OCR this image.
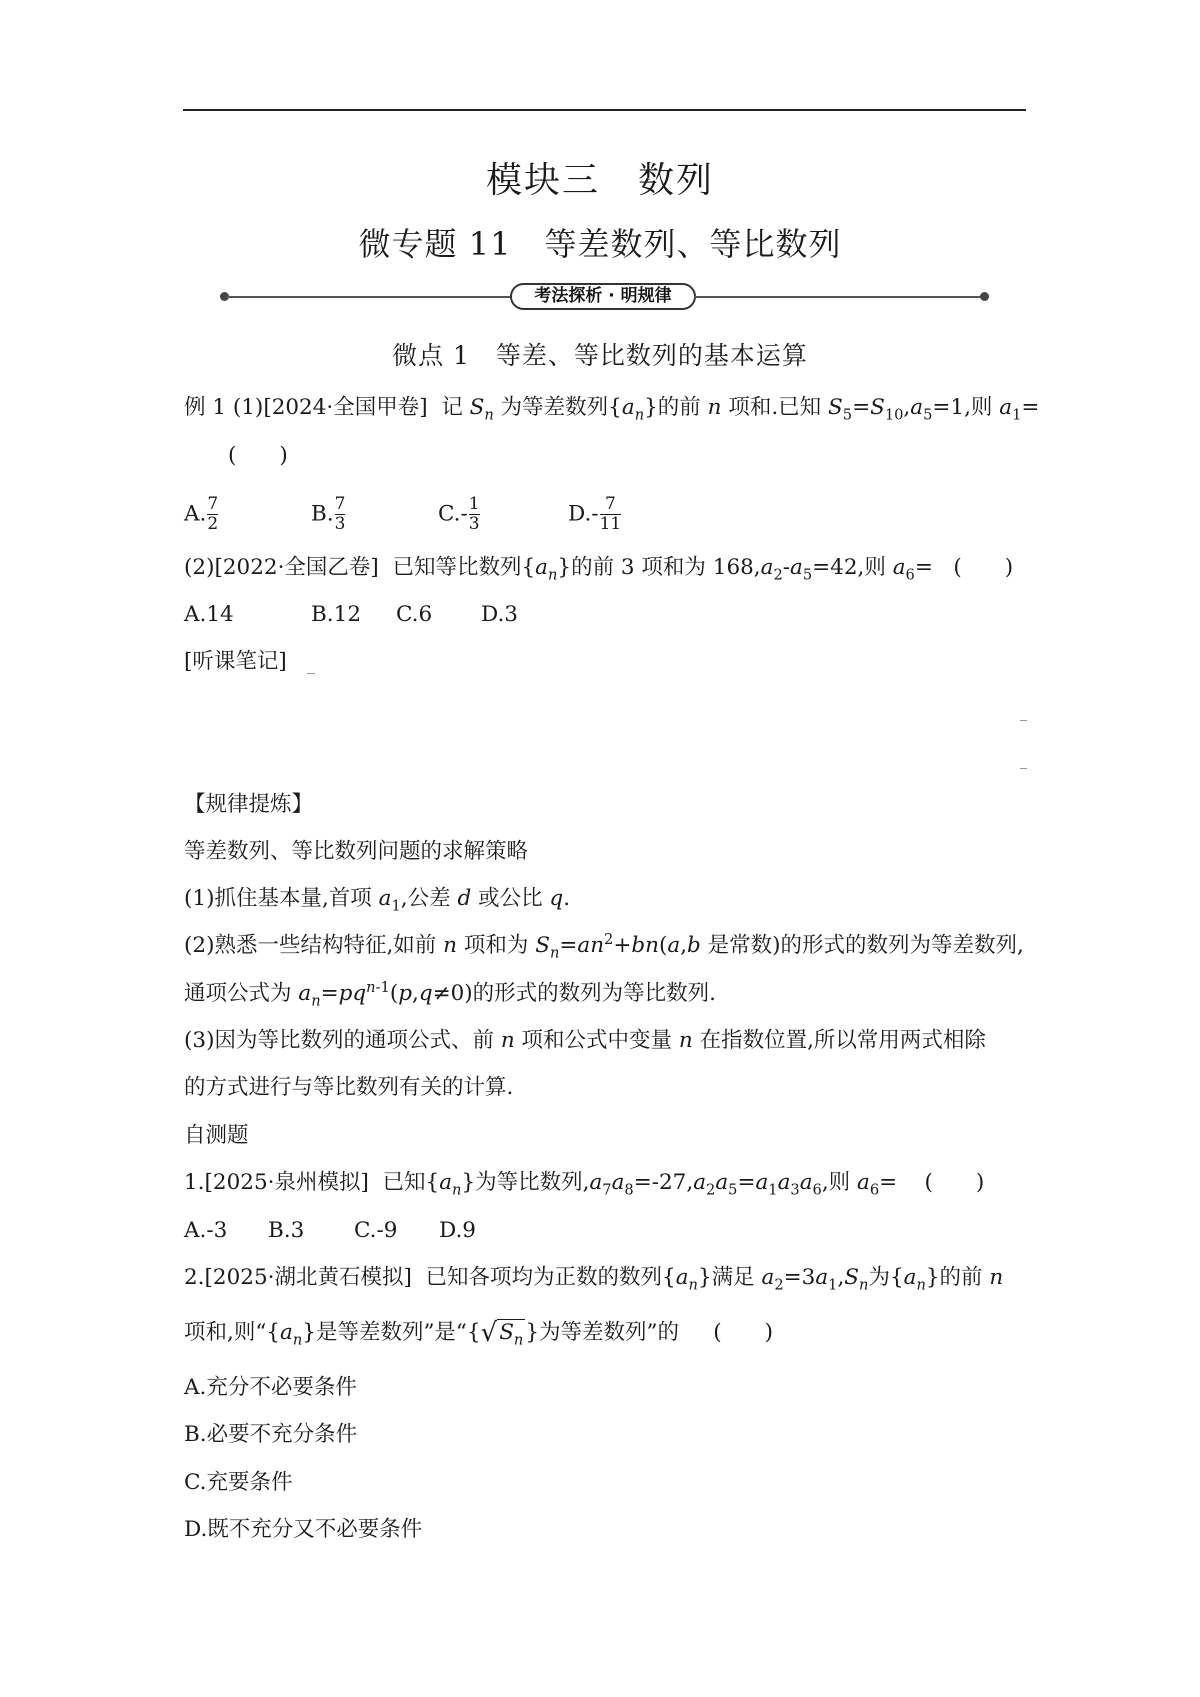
模块三　数列
微专题 11　等差数列、等比数列
考法探析 · 明规律
微点 1　等差、等比数列的基本运算
例 1 (1)[2024·全国甲卷] 记 $S_n$ 为等差数列$\{a_n\}$的前 n 项和.已知 $S_5=S_{10},a_5=1$,则 $a_1=$
(　　)
A. $\frac{7}{2}$	B. $\frac{7}{3}$	$C.- \frac{1}{3}$	$D.- \frac{7}{11}$
(2)[2022·全国乙卷] 已知等比数列$\{a_n\}$的前 3 项和为 $168,a_2-a_5=42$,则 $a_6=$   (　　)
A.14	B.12 C.6 D.3
[听课笔记]
【规律提炼】
等差数列、等比数列问题的求解策略
(1)抓住基本量,首项 $a_1$,公差 d 或公比 q.
(2)熟悉一些结构特征,如前 n 项和为 $S_n=an^2+bn(a,b$ 是常数)的形式的数列为等差数列,
通项公式为 $a_n=pq^{n-1}(p,q\ne 0)$的形式的数列为等比数列.
(3)因为等比数列的通项公式、前 n 项和公式中变量 n 在指数位置,所以常用两式相除
的方式进行与等比数列有关的计算.
自测题
1.[2025·泉州模拟] 已知$\{a_n\}$为等比数列$,a_7a_8=-27,a_2a_5=a_1a_3a_6$,则 $a_6=$    (　　)
A.-3 B.3 C.-9 D.9
2.[2025·湖北黄石模拟] 已知各项均为正数的数列$\{a_n\}$满足 $a_2=3a_1,S_n$为$\{a_n\}$的前 n
项和,则“$\{a_n\}$是等差数列”是“$\{√S_n\}$为等差数列”的 (　　)
A.充分不必要条件
B.必要不充分条件
C.充要条件
D.既不充分又不必要条件
